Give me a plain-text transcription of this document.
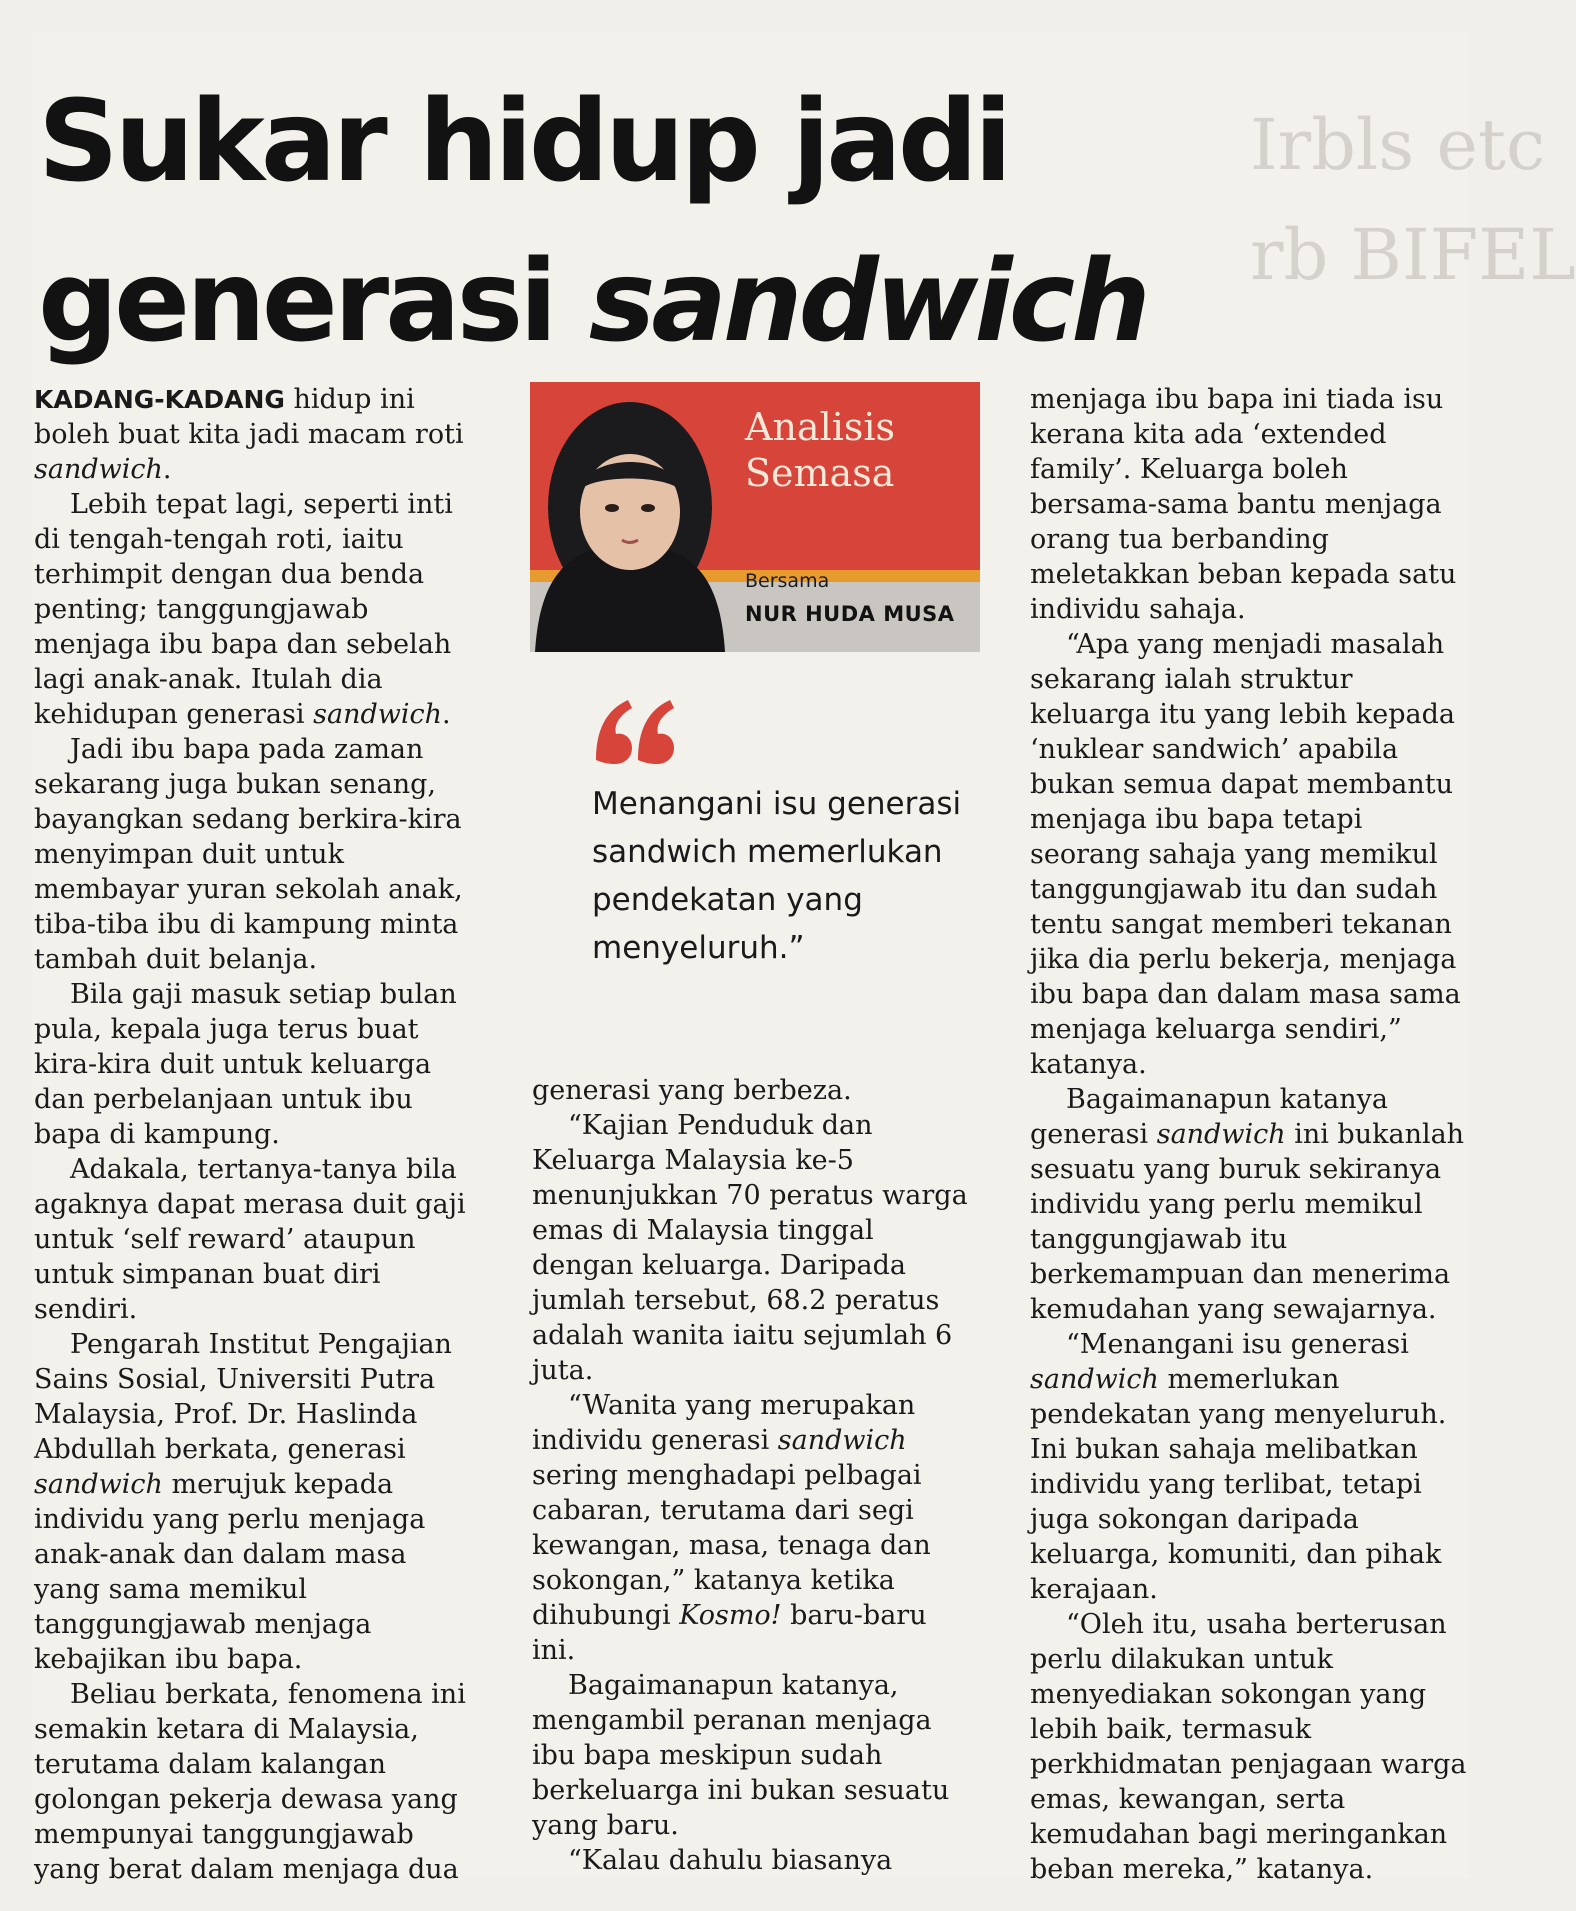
Irbls etc
rb BIFEL
Sukar hidup jadi
generasi sandwich

KADANG-KADANG hidup ini boleh buat kita jadi macam roti sandwich.

Lebih tepat lagi, seperti inti di tengah-tengah roti, iaitu terhimpit dengan dua benda penting; tanggungjawab menjaga ibu bapa dan sebelah lagi anak-anak. Itulah dia kehidupan generasi sandwich.

Jadi ibu bapa pada zaman sekarang juga bukan senang, bayangkan sedang berkira-kira menyimpan duit untuk membayar yuran sekolah anak, tiba-tiba ibu di kampung minta tambah duit belanja.

Bila gaji masuk setiap bulan pula, kepala juga terus buat kira-kira duit untuk keluarga dan perbelanjaan untuk ibu bapa di kampung.

Adakala, tertanya-tanya bila agaknya dapat merasa duit gaji untuk ‘self reward’ ataupun untuk simpanan buat diri sendiri.

Pengarah Institut Pengajian Sains Sosial, Universiti Putra Malaysia, Prof. Dr. Haslinda Abdullah berkata, generasi sandwich merujuk kepada individu yang perlu menjaga anak-anak dan dalam masa yang sama memikul tanggungjawab menjaga kebajikan ibu bapa.

Beliau berkata, fenomena ini semakin ketara di Malaysia, terutama dalam kalangan golongan pekerja dewasa yang mempunyai tanggungjawab yang berat dalam menjaga dua

Analisis
Semasa
Bersama
NUR HUDA MUSA

Menangani isu generasi sandwich memerlukan pendekatan yang menyeluruh.”

generasi yang berbeza.

“Kajian Penduduk dan Keluarga Malaysia ke-5 menunjukkan 70 peratus warga emas di Malaysia tinggal dengan keluarga. Daripada jumlah tersebut, 68.2 peratus adalah wanita iaitu sejumlah 6 juta.

“Wanita yang merupakan individu generasi sandwich sering menghadapi pelbagai cabaran, terutama dari segi kewangan, masa, tenaga dan sokongan,” katanya ketika dihubungi Kosmo! baru-baru ini.

Bagaimanapun katanya, mengambil peranan menjaga ibu bapa meskipun sudah berkeluarga ini bukan sesuatu yang baru.

“Kalau dahulu biasanya

menjaga ibu bapa ini tiada isu kerana kita ada ‘extended family’. Keluarga boleh bersama-sama bantu menjaga orang tua berbanding meletakkan beban kepada satu individu sahaja.

“Apa yang menjadi masalah sekarang ialah struktur keluarga itu yang lebih kepada ‘nuklear sandwich’ apabila bukan semua dapat membantu menjaga ibu bapa tetapi seorang sahaja yang memikul tanggungjawab itu dan sudah tentu sangat memberi tekanan jika dia perlu bekerja, menjaga ibu bapa dan dalam masa sama menjaga keluarga sendiri,” katanya.

Bagaimanapun katanya generasi sandwich ini bukanlah sesuatu yang buruk sekiranya individu yang perlu memikul tanggungjawab itu berkemampuan dan menerima kemudahan yang sewajarnya.

“Menangani isu generasi sandwich memerlukan pendekatan yang menyeluruh. Ini bukan sahaja melibatkan individu yang terlibat, tetapi juga sokongan daripada keluarga, komuniti, dan pihak kerajaan.

“Oleh itu, usaha berterusan perlu dilakukan untuk menyediakan sokongan yang lebih baik, termasuk perkhidmatan penjagaan warga emas, kewangan, serta kemudahan bagi meringankan beban mereka,” katanya.
